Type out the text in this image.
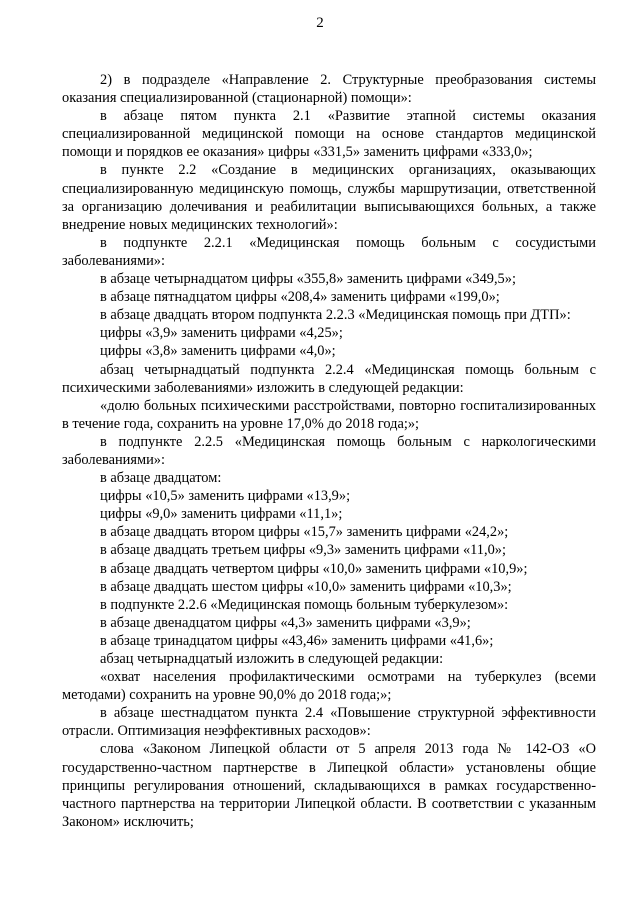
2

2) в подразделе «Направление 2. Структурные преобразования системы оказания специализированной (стационарной) помощи»:

в абзаце пятом пункта 2.1 «Развитие этапной системы оказания специализированной медицинской помощи на основе стандартов медицинской помощи и порядков ее оказания» цифры «331,5» заменить цифрами «333,0»;

в пункте 2.2 «Создание в медицинских организациях, оказывающих специализированную медицинскую помощь, службы маршрутизации, ответственной за организацию долечивания и реабилитации выписывающихся больных, а также внедрение новых медицинских технологий»:

в подпункте 2.2.1 «Медицинская помощь больным с сосудистыми заболеваниями»:

в абзаце четырнадцатом цифры «355,8» заменить цифрами «349,5»;

в абзаце пятнадцатом цифры «208,4» заменить цифрами «199,0»;

в абзаце двадцать втором подпункта 2.2.3 «Медицинская помощь при ДТП»:

цифры «3,9» заменить цифрами «4,25»;

цифры «3,8» заменить цифрами «4,0»;

абзац четырнадцатый подпункта 2.2.4 «Медицинская помощь больным с психическими заболеваниями» изложить в следующей редакции:

«долю больных психическими расстройствами, повторно госпитализированных в течение года, сохранить на уровне 17,0% до 2018 года;»;

в подпункте 2.2.5 «Медицинская помощь больным с наркологическими заболеваниями»:

в абзаце двадцатом:

цифры «10,5» заменить цифрами «13,9»;

цифры «9,0» заменить цифрами «11,1»;

в абзаце двадцать втором цифры «15,7» заменить цифрами «24,2»;

в абзаце двадцать третьем цифры «9,3» заменить цифрами «11,0»;

в абзаце двадцать четвертом цифры «10,0» заменить цифрами «10,9»;

в абзаце двадцать шестом цифры «10,0» заменить цифрами «10,3»;

в подпункте 2.2.6 «Медицинская помощь больным туберкулезом»:

в абзаце двенадцатом цифры «4,3» заменить цифрами «3,9»;

в абзаце тринадцатом цифры «43,46» заменить цифрами «41,6»;

абзац четырнадцатый изложить в следующей редакции:

«охват населения профилактическими осмотрами на туберкулез (всеми методами) сохранить на уровне 90,0% до 2018 года;»;

в абзаце шестнадцатом пункта 2.4 «Повышение структурной эффективности отрасли. Оптимизация неэффективных расходов»:

слова «Законом Липецкой области от 5 апреля 2013 года № 142-ОЗ «О государственно-частном партнерстве в Липецкой области» установлены общие принципы регулирования отношений, складывающихся в рамках государственно-частного партнерства на территории Липецкой области. В соответствии с указанным Законом» исключить;
